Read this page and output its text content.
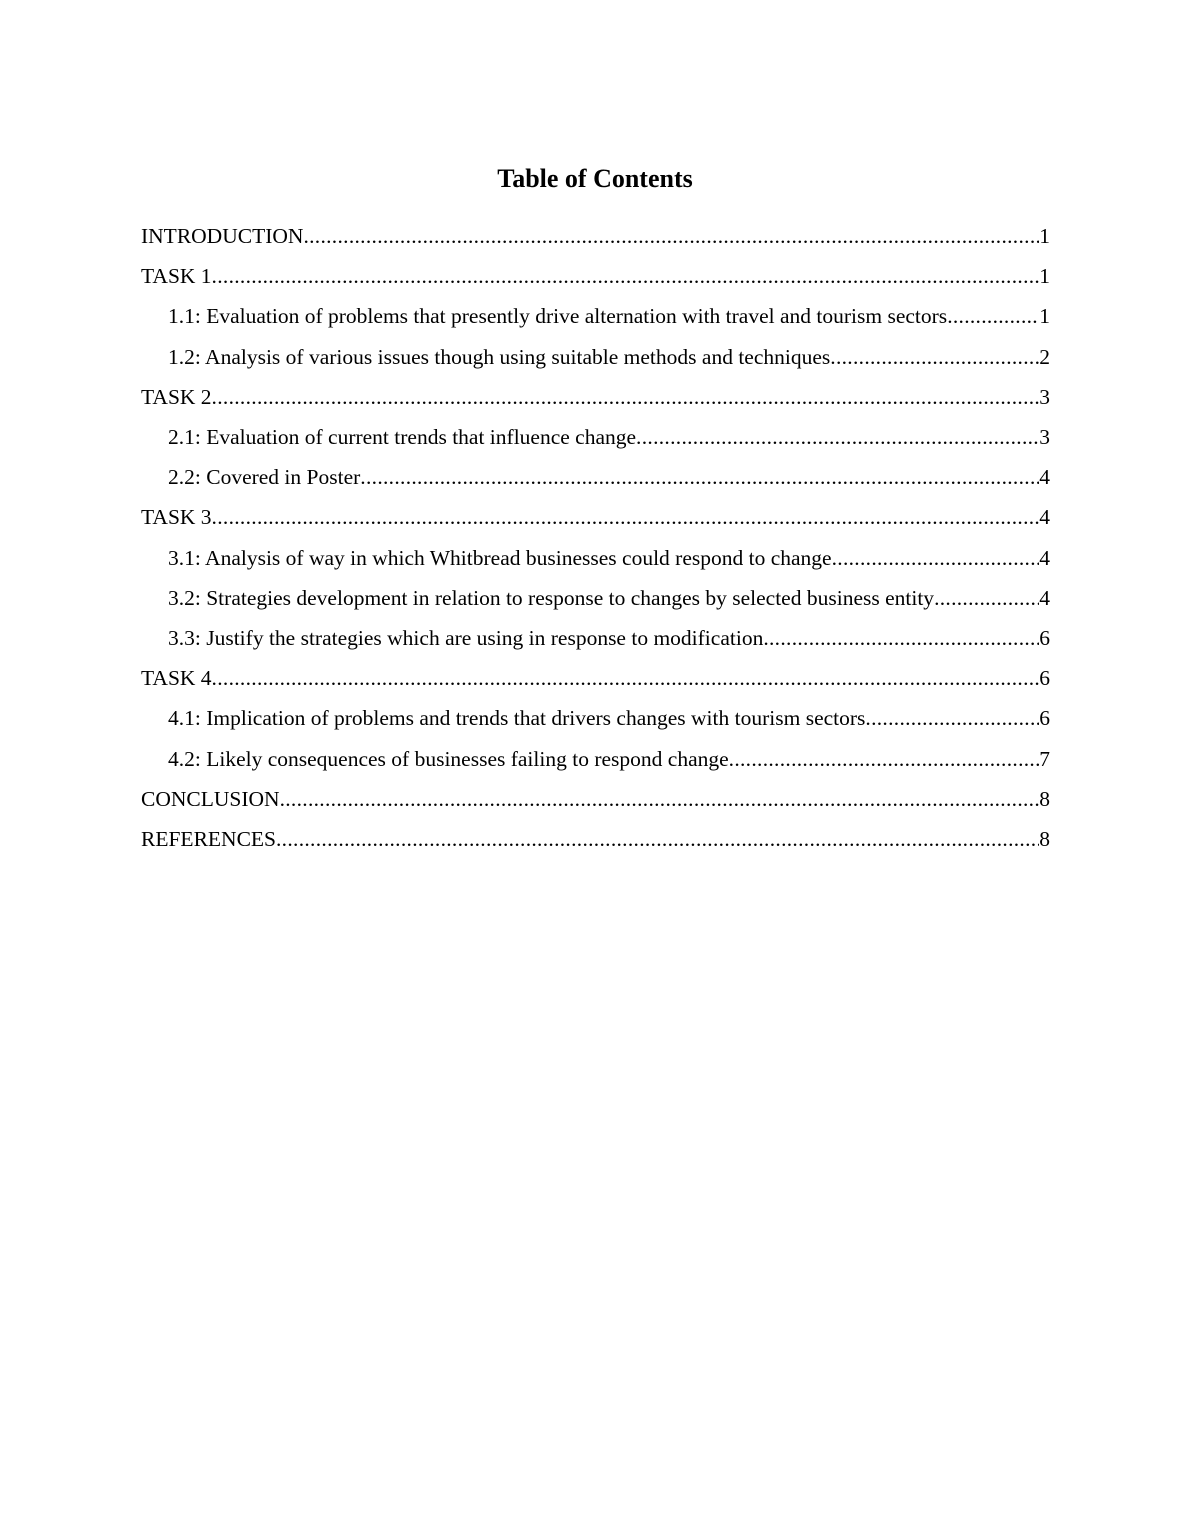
Table of Contents
INTRODUCTION .....	1
TASK 1 .....	1
1.1: Evaluation of problems that presently drive alternation with travel and tourism sectors .....	1
1.2: Analysis of various issues though using suitable methods and techniques .....	2
TASK 2 .....	3
2.1: Evaluation of current trends that influence change .....	3
2.2: Covered in Poster .....	4
TASK 3 .....	4
3.1: Analysis of way in which Whitbread businesses could respond to change .....	4
3.2: Strategies development in relation to response to changes by selected business entity .....	4
3.3: Justify the strategies which are using in response to modification .....	6
TASK 4 .....	6
4.1: Implication of problems and trends that drivers changes with tourism sectors .....	6
4.2: Likely consequences of businesses failing to respond change .....	7
CONCLUSION .....	8
REFERENCES .....	8
